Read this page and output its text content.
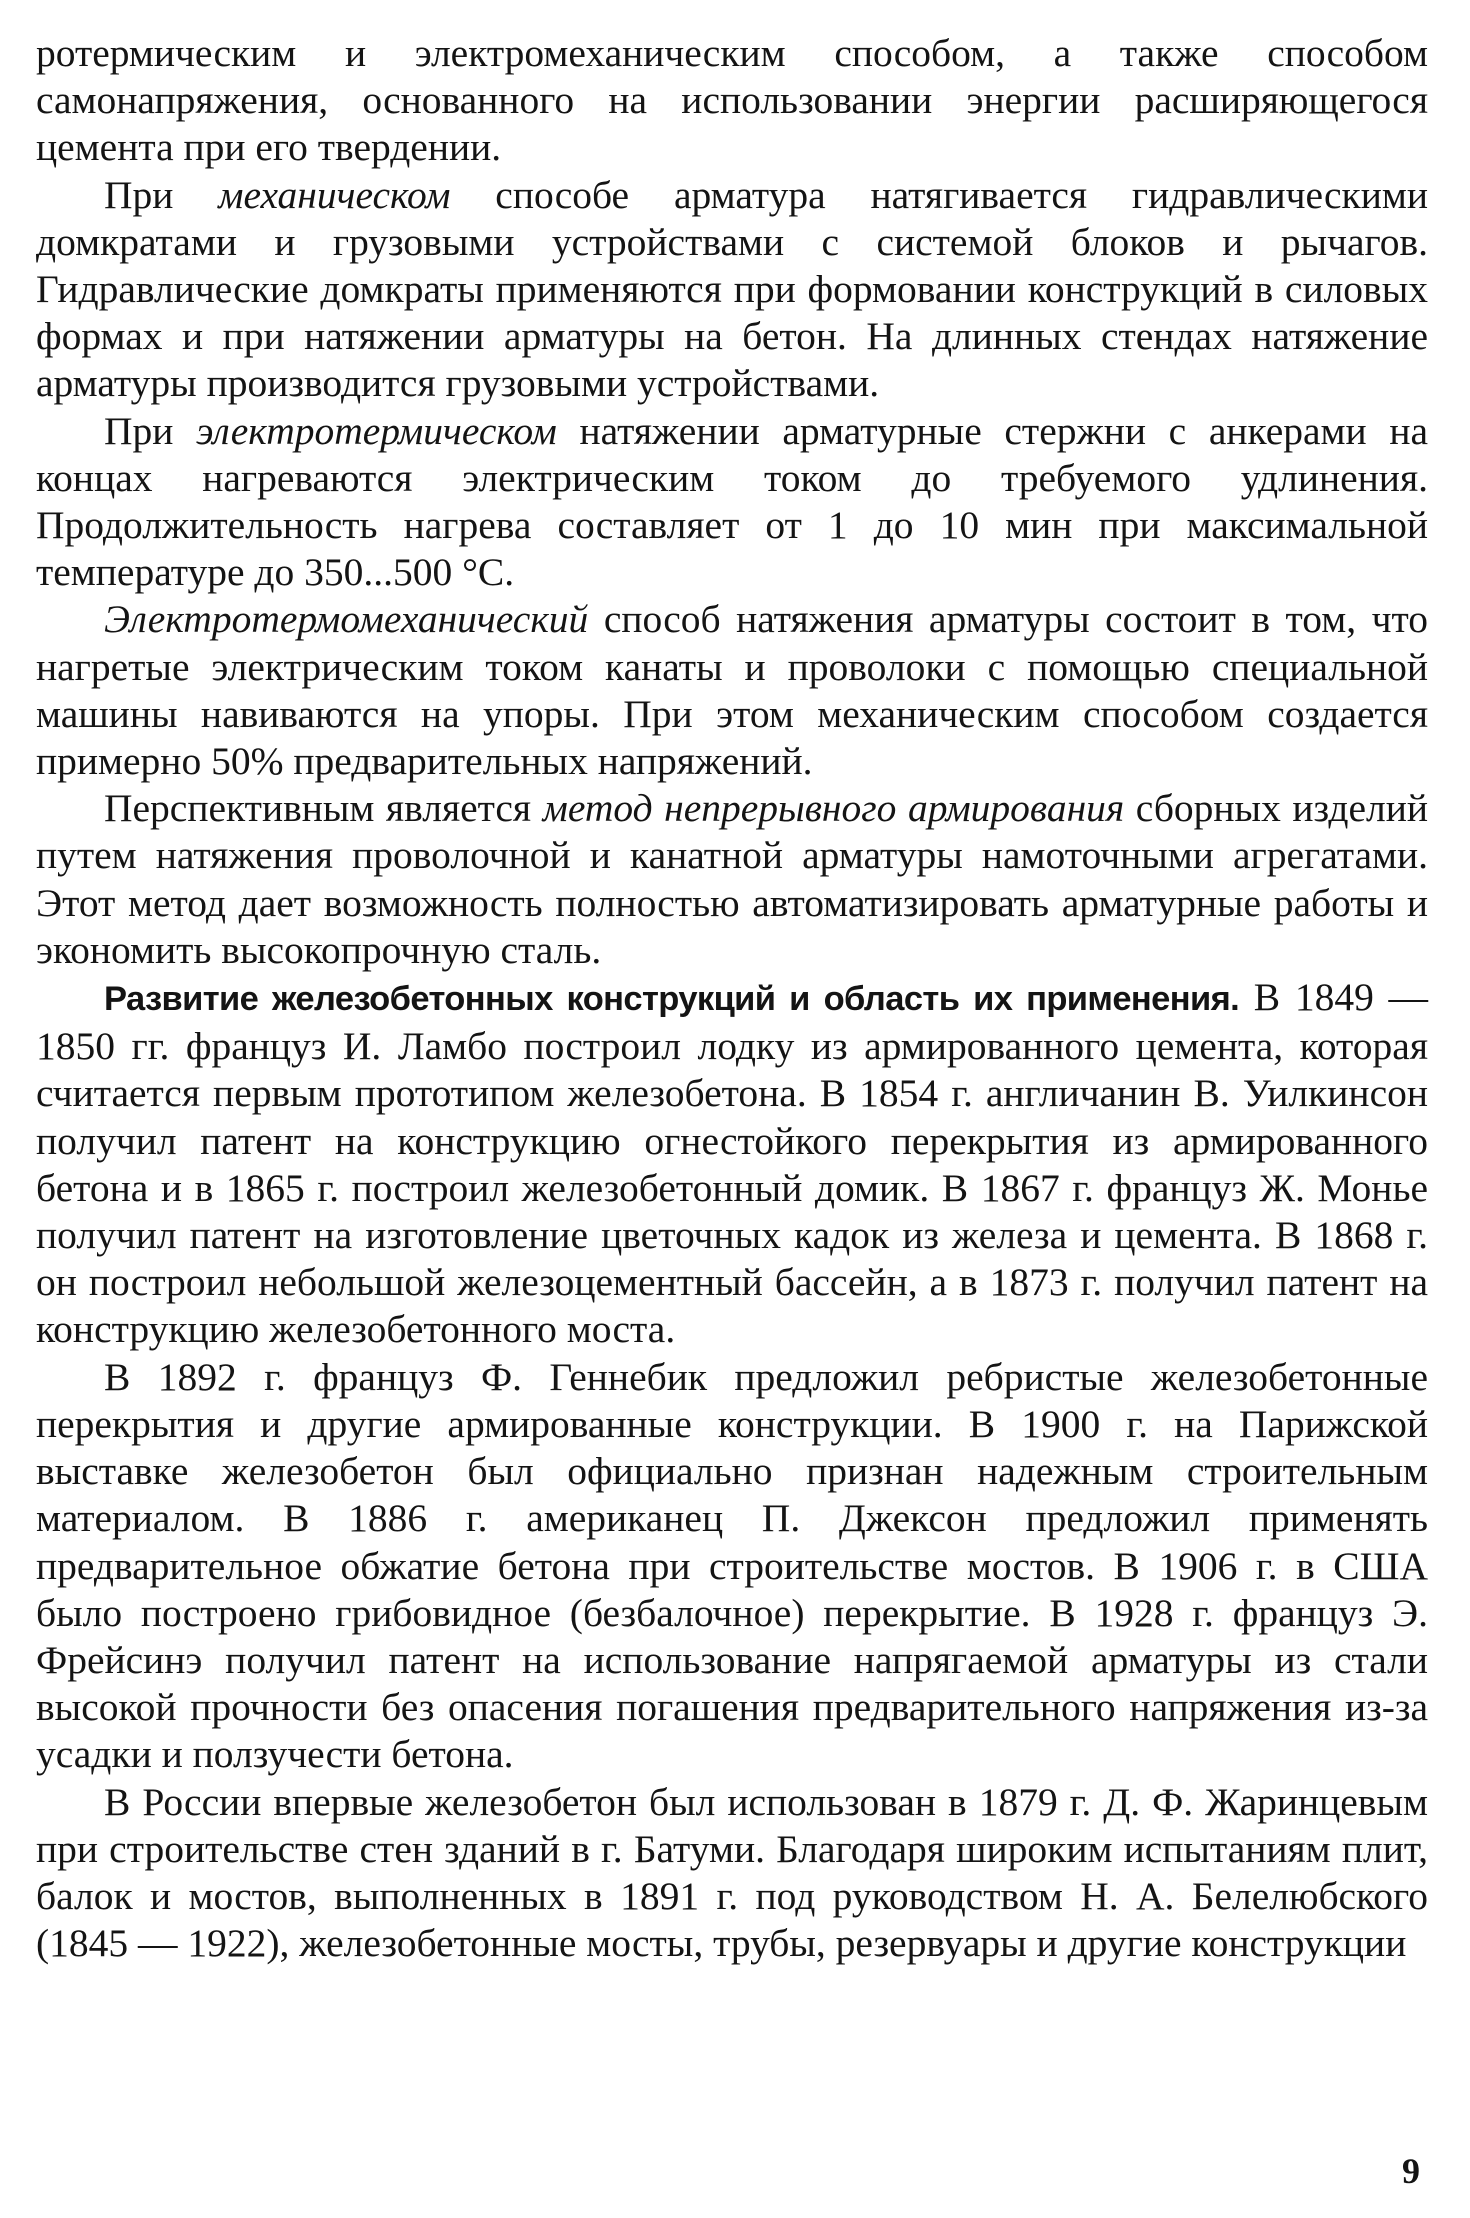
ротермическим и электромеханическим способом, а также способом самонапряжения, основанного на использовании энергии расширяющегося цемента при его твердении.

При механическом способе арматура натягивается гидравлическими домкратами и грузовыми устройствами с системой блоков и рычагов. Гидравлические домкраты применяются при формовании конструкций в силовых формах и при натяжении арматуры на бетон. На длинных стендах натяжение арматуры производится грузовыми устройствами.

При электротермическом натяжении арматурные стержни с анкерами на концах нагреваются электрическим током до требуемого удлинения. Продолжительность нагрева составляет от 1 до 10 мин при максимальной температуре до 350...500 °С.

Электротермомеханический способ натяжения арматуры состоит в том, что нагретые электрическим током канаты и проволоки с помощью специальной машины навиваются на упоры. При этом механическим способом создается примерно 50% предварительных напряжений.

Перспективным является метод непрерывного армирования сборных изделий путем натяжения проволочной и канатной арматуры намоточными агрегатами. Этот метод дает возможность полностью автоматизировать арматурные работы и экономить высокопрочную сталь.

Развитие железобетонных конструкций и область их применения. В 1849 — 1850 гг. француз И. Ламбо построил лодку из армированного цемента, которая считается первым прототипом железобетона. В 1854 г. англичанин В. Уилкинсон получил патент на конструкцию огнестойкого перекрытия из армированного бетона и в 1865 г. построил железобетонный домик. В 1867 г. француз Ж. Монье получил патент на изготовление цветочных кадок из железа и цемента. В 1868 г. он построил небольшой железоцементный бассейн, а в 1873 г. получил патент на конструкцию железобетонного моста.

В 1892 г. француз Ф. Геннебик предложил ребристые железобетонные перекрытия и другие армированные конструкции. В 1900 г. на Парижской выставке железобетон был официально признан надежным строительным материалом. В 1886 г. американец П. Джексон предложил применять предварительное обжатие бетона при строительстве мостов. В 1906 г. в США было построено грибовидное (безбалочное) перекрытие. В 1928 г. француз Э. Фрейсинэ получил патент на использование напрягаемой арматуры из стали высокой прочности без опасения погашения предварительного напряжения из-за усадки и ползучести бетона.

В России впервые железобетон был использован в 1879 г. Д. Ф. Жаринцевым при строительстве стен зданий в г. Батуми. Благодаря широким испытаниям плит, балок и мостов, выполненных в 1891 г. под руководством Н. А. Белелюбского (1845 — 1922), железобетонные мосты, трубы, резервуары и другие конструкции

9
